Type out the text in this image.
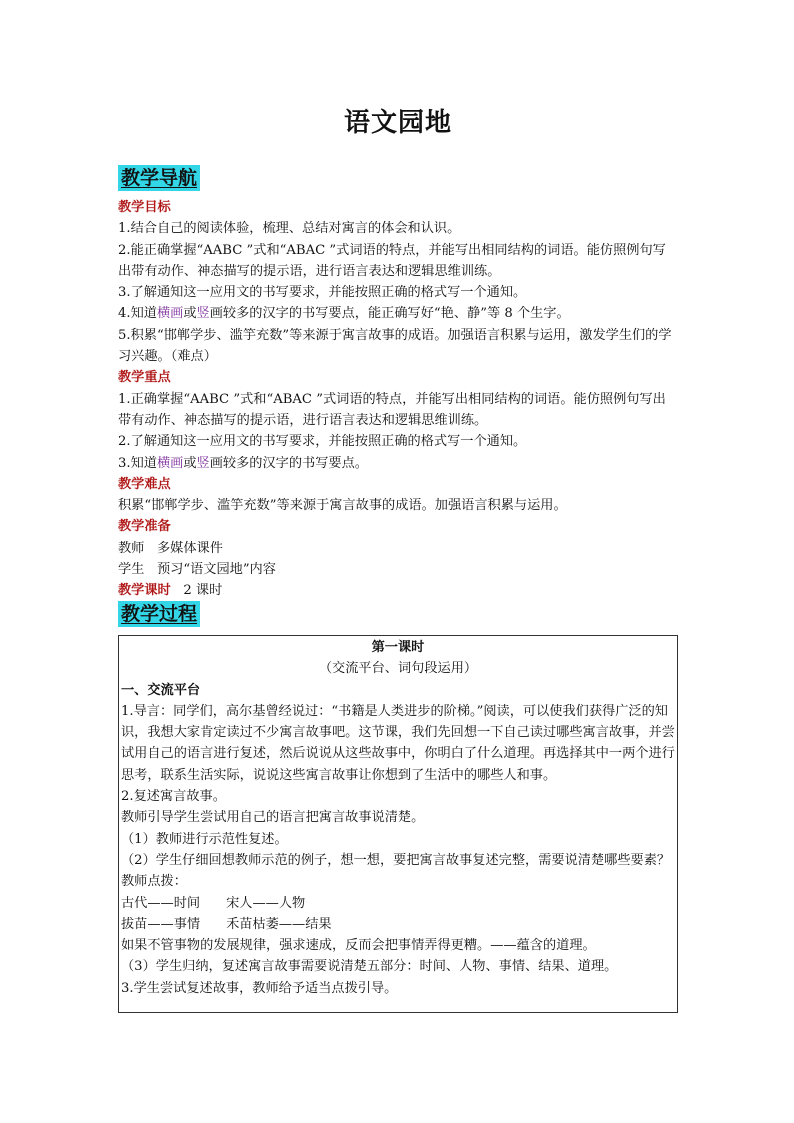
语文园地
教学导航
教学目标
1.结合自己的阅读体验，梳理、总结对寓言的体会和认识。
2.能正确掌握“AABC ”式和“ABAC ”式词语的特点，并能写出相同结构的词语。能仿照例句写出带有动作、神态描写的提示语，进行语言表达和逻辑思维训练。
3.了解通知这一应用文的书写要求，并能按照正确的格式写一个通知。
4.知道横画或竖画较多的汉字的书写要点，能正确写好“艳、静”等 8 个生字。
5.积累“邯郸学步、滥竽充数”等来源于寓言故事的成语。加强语言积累与运用，激发学生们的学习兴趣。（难点）
教学重点
1.正确掌握“AABC ”式和“ABAC ”式词语的特点，并能写出相同结构的词语。能仿照例句写出带有动作、神态描写的提示语，进行语言表达和逻辑思维训练。
2.了解通知这一应用文的书写要求，并能按照正确的格式写一个通知。
3.知道横画或竖画较多的汉字的书写要点。
教学难点
积累“邯郸学步、滥竽充数”等来源于寓言故事的成语。加强语言积累与运用。
教学准备
教师 多媒体课件
学生 预习“语文园地”内容
教学课时 2 课时
教学过程
第一课时
（交流平台、词句段运用）
一、交流平台
1.导言：同学们，高尔基曾经说过：“书籍是人类进步的阶梯。”阅读，可以使我们获得广泛的知识，我想大家肯定读过不少寓言故事吧。这节课，我们先回想一下自己读过哪些寓言故事，并尝试用自己的语言进行复述，然后说说从这些故事中，你明白了什么道理。再选择其中一两个进行思考，联系生活实际，说说这些寓言故事让你想到了生活中的哪些人和事。
2.复述寓言故事。
教师引导学生尝试用自己的语言把寓言故事说清楚。
（1）教师进行示范性复述。
（2）学生仔细回想教师示范的例子，想一想，要把寓言故事复述完整，需要说清楚哪些要素？
教师点拨：
古代——时间 宋人——人物
拔苗——事情 禾苗枯萎——结果
如果不管事物的发展规律，强求速成，反而会把事情弄得更糟。——蕴含的道理。
（3）学生归纳，复述寓言故事需要说清楚五部分：时间、人物、事情、结果、道理。
3.学生尝试复述故事，教师给予适当点拨引导。
